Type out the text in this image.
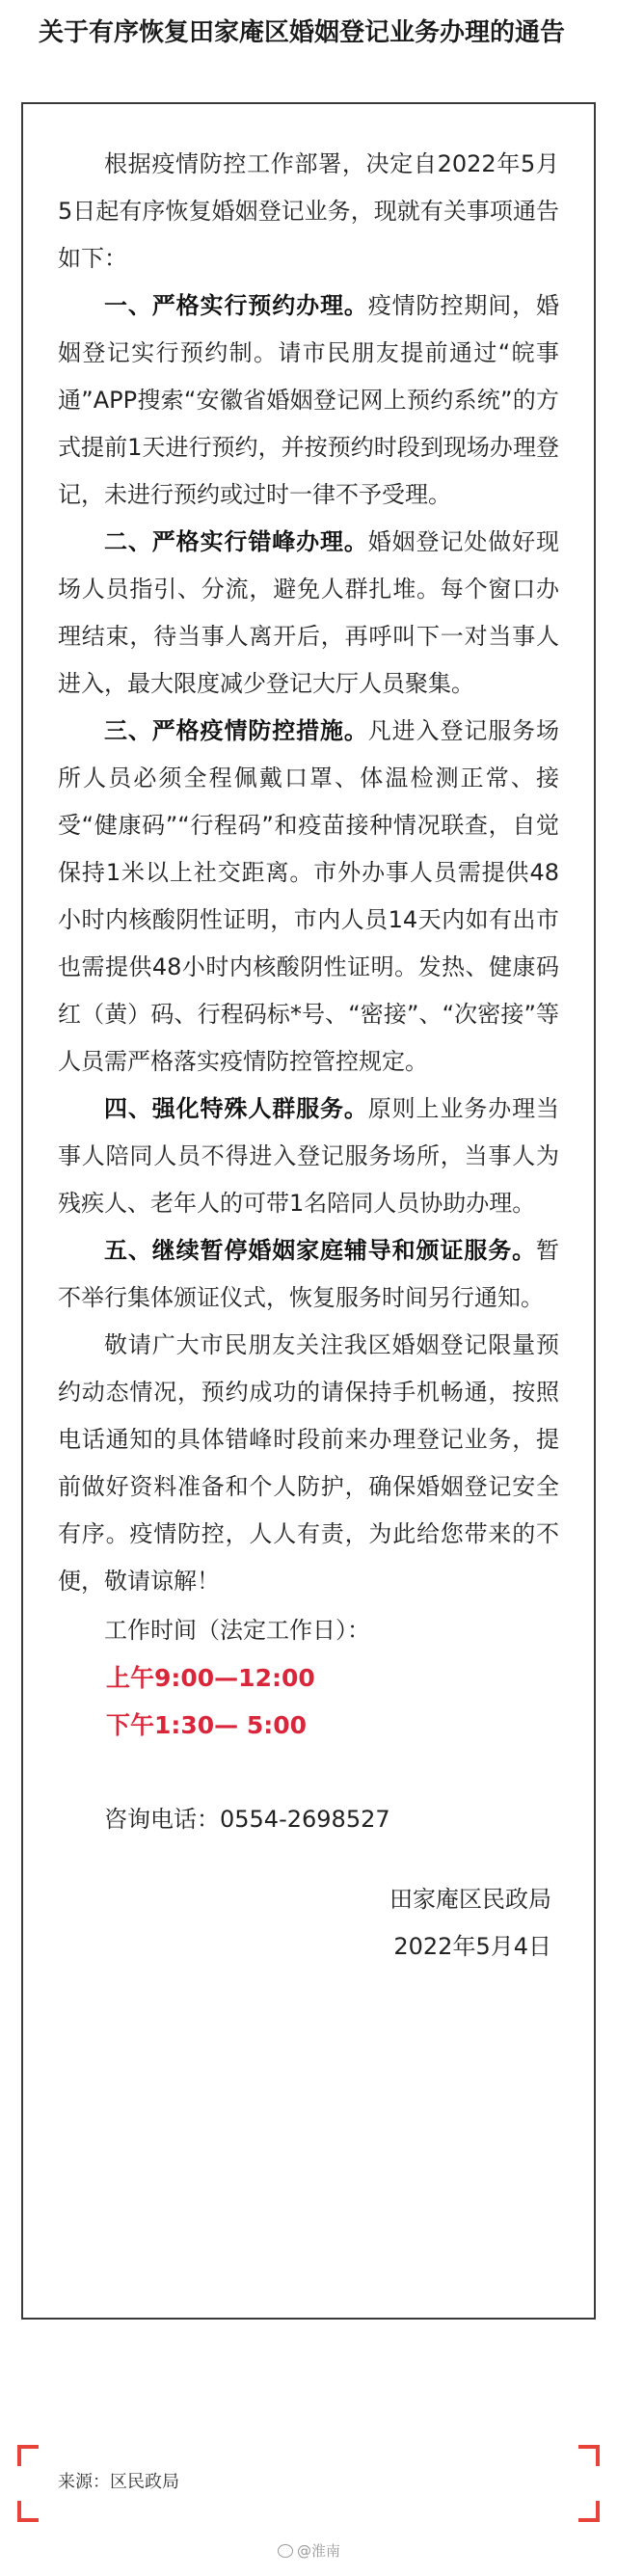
关于有序恢复田家庵区婚姻登记业务办理的通告

根据疫情防控工作部署，决定自2022年5月5日起有序恢复婚姻登记业务，现就有关事项通告如下：

一、严格实行预约办理。疫情防控期间，婚姻登记实行预约制。请市民朋友提前通过“皖事通”APP搜索“安徽省婚姻登记网上预约系统”的方式提前1天进行预约，并按预约时段到现场办理登记，未进行预约或过时一律不予受理。

二、严格实行错峰办理。婚姻登记处做好现场人员指引、分流，避免人群扎堆。每个窗口办理结束，待当事人离开后，再呼叫下一对当事人进入，最大限度减少登记大厅人员聚集。

三、严格疫情防控措施。凡进入登记服务场所人员必须全程佩戴口罩、体温检测正常、接受“健康码”“行程码”和疫苗接种情况联查，自觉保持1米以上社交距离。市外办事人员需提供48小时内核酸阴性证明，市内人员14天内如有出市也需提供48小时内核酸阴性证明。发热、健康码红（黄）码、行程码标*号、“密接”、“次密接”等人员需严格落实疫情防控管控规定。

四、强化特殊人群服务。原则上业务办理当事人陪同人员不得进入登记服务场所，当事人为残疾人、老年人的可带1名陪同人员协助办理。

五、继续暂停婚姻家庭辅导和颁证服务。暂不举行集体颁证仪式，恢复服务时间另行通知。

敬请广大市民朋友关注我区婚姻登记限量预约动态情况，预约成功的请保持手机畅通，按照电话通知的具体错峰时段前来办理登记业务，提前做好资料准备和个人防护，确保婚姻登记安全有序。疫情防控，人人有责，为此给您带来的不便，敬请谅解！

工作时间（法定工作日）：

上午9:00—12:00

下午1:30— 5:00

咨询电话：0554-2698527

田家庵区民政局

2022年5月4日

来源：区民政局
@淮南
